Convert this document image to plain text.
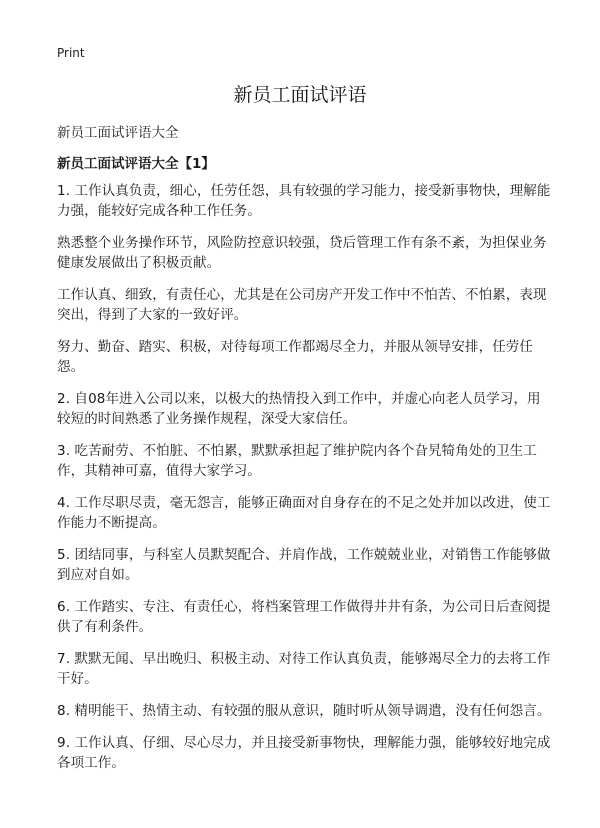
Print
新员工面试评语

新员工面试评语大全

新员工面试评语大全【1】

1. 工作认真负责，细心，任劳任怨，具有较强的学习能力，接受新事物快，理解能力强，能较好完成各种工作任务。

熟悉整个业务操作环节，风险防控意识较强，贷后管理工作有条不紊，为担保业务健康发展做出了积极贡献。

工作认真、细致，有责任心，尤其是在公司房产开发工作中不怕苦、不怕累，表现突出，得到了大家的一致好评。

努力、勤奋、踏实、积极，对待每项工作都竭尽全力，并服从领导安排，任劳任怨。

2. 自08年进入公司以来，以极大的热情投入到工作中，并虚心向老人员学习，用较短的时间熟悉了业务操作规程，深受大家信任。

3. 吃苦耐劳、不怕脏、不怕累，默默承担起了维护院内各个旮旯犄角处的卫生工作，其精神可嘉，值得大家学习。

4. 工作尽职尽责，毫无怨言，能够正确面对自身存在的不足之处并加以改进，使工作能力不断提高。

5. 团结同事，与科室人员默契配合、并肩作战，工作兢兢业业，对销售工作能够做到应对自如。

6. 工作踏实、专注、有责任心，将档案管理工作做得井井有条，为公司日后查阅提供了有利条件。

7. 默默无闻、早出晚归、积极主动、对待工作认真负责，能够竭尽全力的去将工作干好。

8. 精明能干、热情主动、有较强的服从意识，随时听从领导调遣，没有任何怨言。

9. 工作认真、仔细、尽心尽力，并且接受新事物快，理解能力强，能够较好地完成各项工作。
